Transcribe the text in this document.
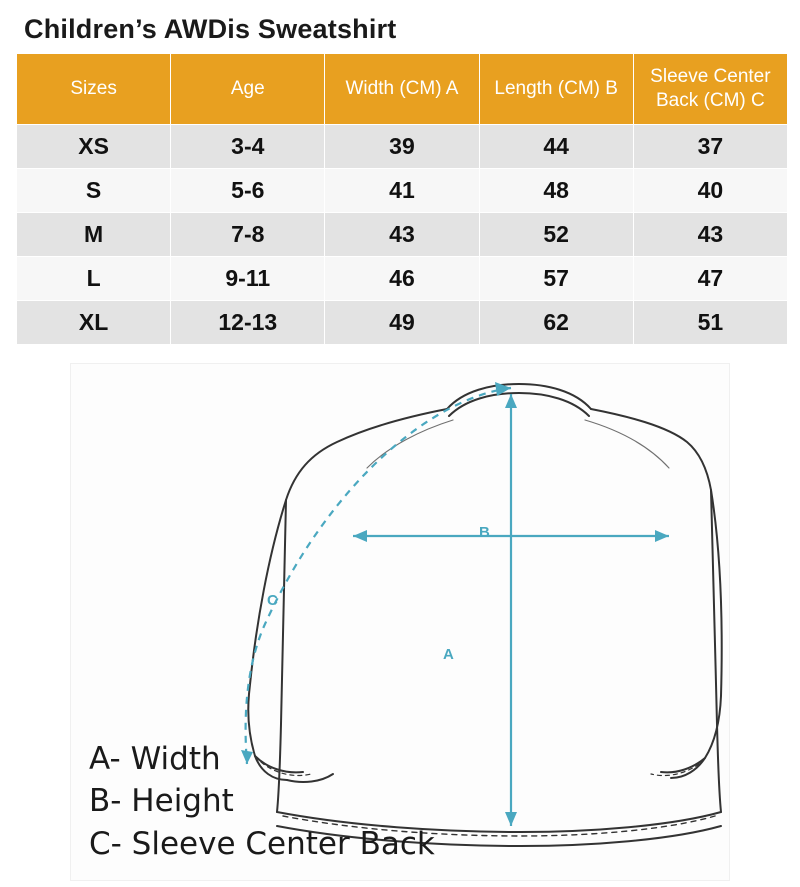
Children’s AWDis Sweatshirt
Sizes	Age	Width (CM) A	Length (CM) B	Sleeve Center Back (CM) C
XS	3-4	39	44	37
S	5-6	41	48	40
M	7-8	43	52	43
L	9-11	46	57	47
XL	12-13	49	62	51
B
A
C
A- Width
B- Height
C- Sleeve Center Back
